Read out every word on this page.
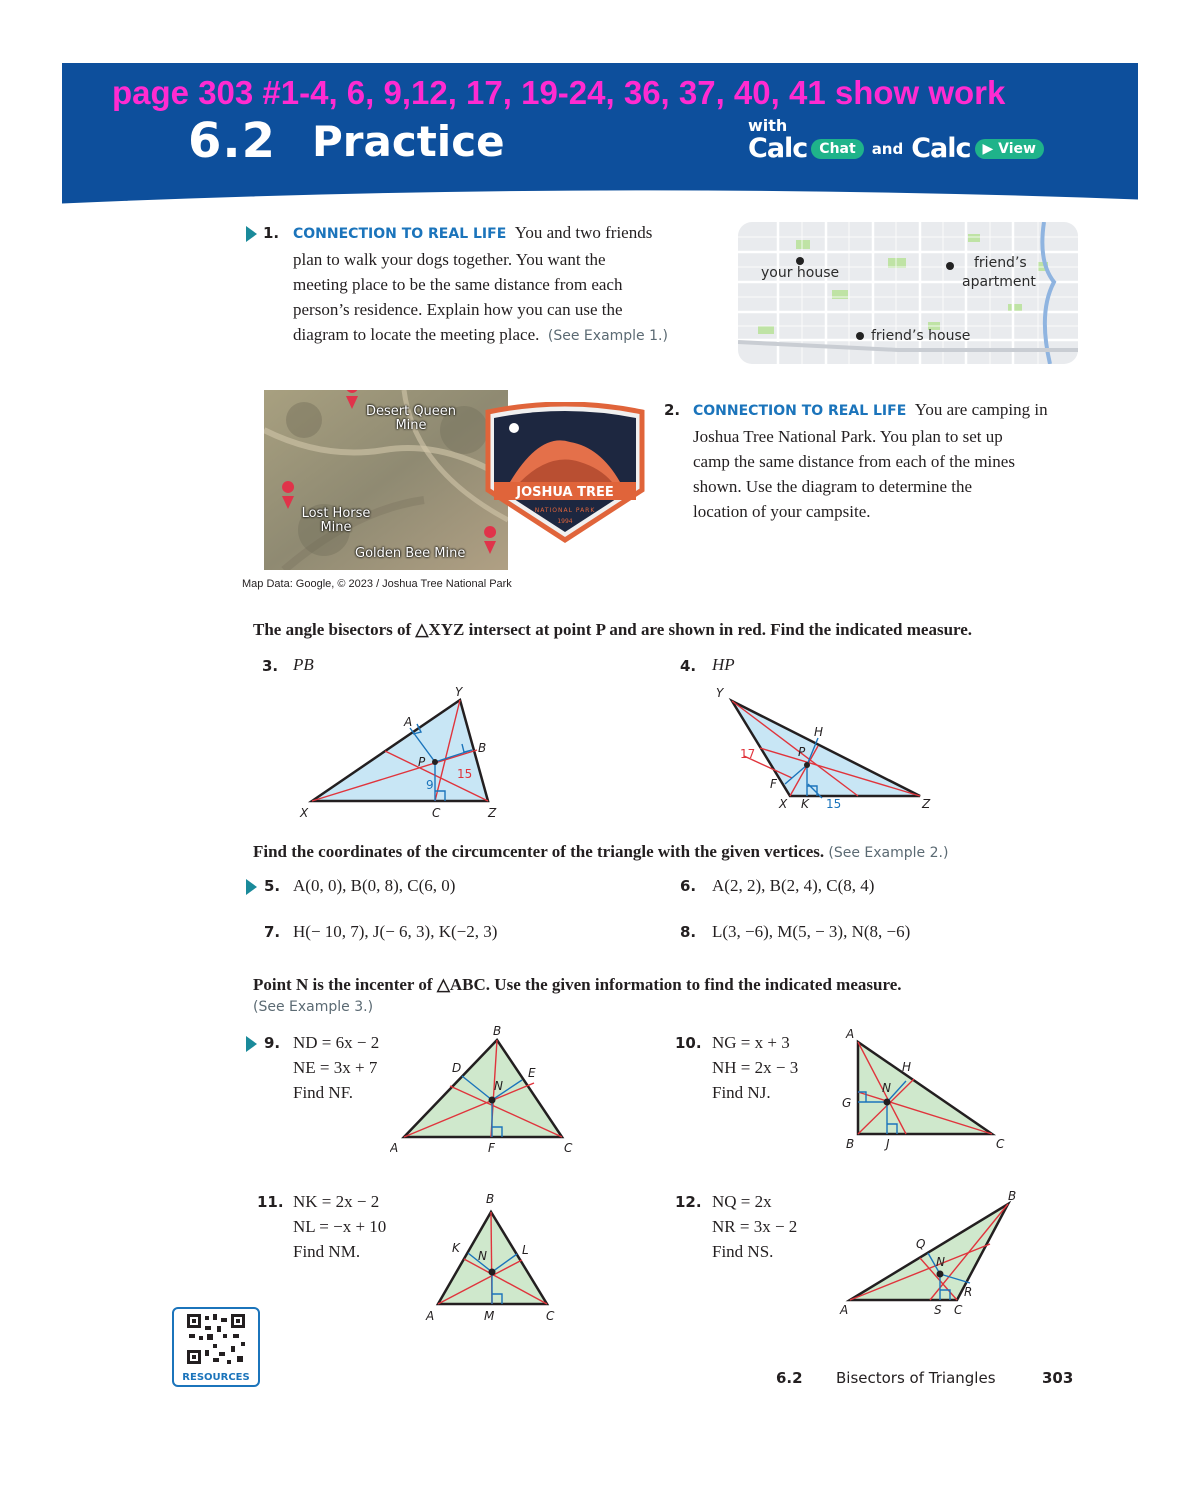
page 303 #1-4, 6, 9,12, 17, 19-24, 36, 37, 40, 41 show work
6.2 Practice	with
Calc Chat	and Calc ▶ View
1. CONNECTION TO REAL LIFE You and two friends
plan to walk your dogs together. You want the
meeting place to be the same distance from each
person’s residence. Explain how you can use the
diagram to locate the meeting place. (See Example 1.)
your house
friend’s
apartment
friend’s house
Desert Queen
Mine
Lost Horse
Mine
Golden Bee Mine
JOSHUA TREE
NATIONAL PARK
1994
Map Data: Google, © 2023 / Joshua Tree National Park
2. CONNECTION TO REAL LIFE You are camping in
Joshua Tree National Park. You plan to set up
camp the same distance from each of the mines
shown. Use the diagram to determine the
location of your campsite.
The angle bisectors of △XYZ intersect at point P and are shown in red. Find the indicated measure.
3. PB	4. HP
X
Y
Z
A
B
C
P
9
15
Y
X	Z
H
P
F
K
17
15
Find the coordinates of the circumcenter of the triangle with the given vertices. (See Example 2.)
5. A(0, 0), B(0, 8), C(6, 0)	6. A(2, 2), B(2, 4), C(8, 4)
7. H(− 10, 7), J(− 6, 3), K(−2, 3)	8. L(3, −6), M(5, − 3), N(8, −6)
Point N is the incenter of △ABC. Use the given information to find the indicated measure.
(See Example 3.)
9. ND = 6x − 2
NE = 3x + 7
Find NF.
A
B
C
D	E
F
N
10. NG = x + 3
NH = 2x − 3
Find NJ.
A
B	C
G
H
J
N
11. NK = 2x − 2
NL = −x + 10
Find NM.
A
B
C
K	L
M
N
12. NQ = 2x
NR = 3x − 2
Find NS.
A
B
C
Q
R
S
N
RESOURCES	6.2 Bisectors of Triangles	303
